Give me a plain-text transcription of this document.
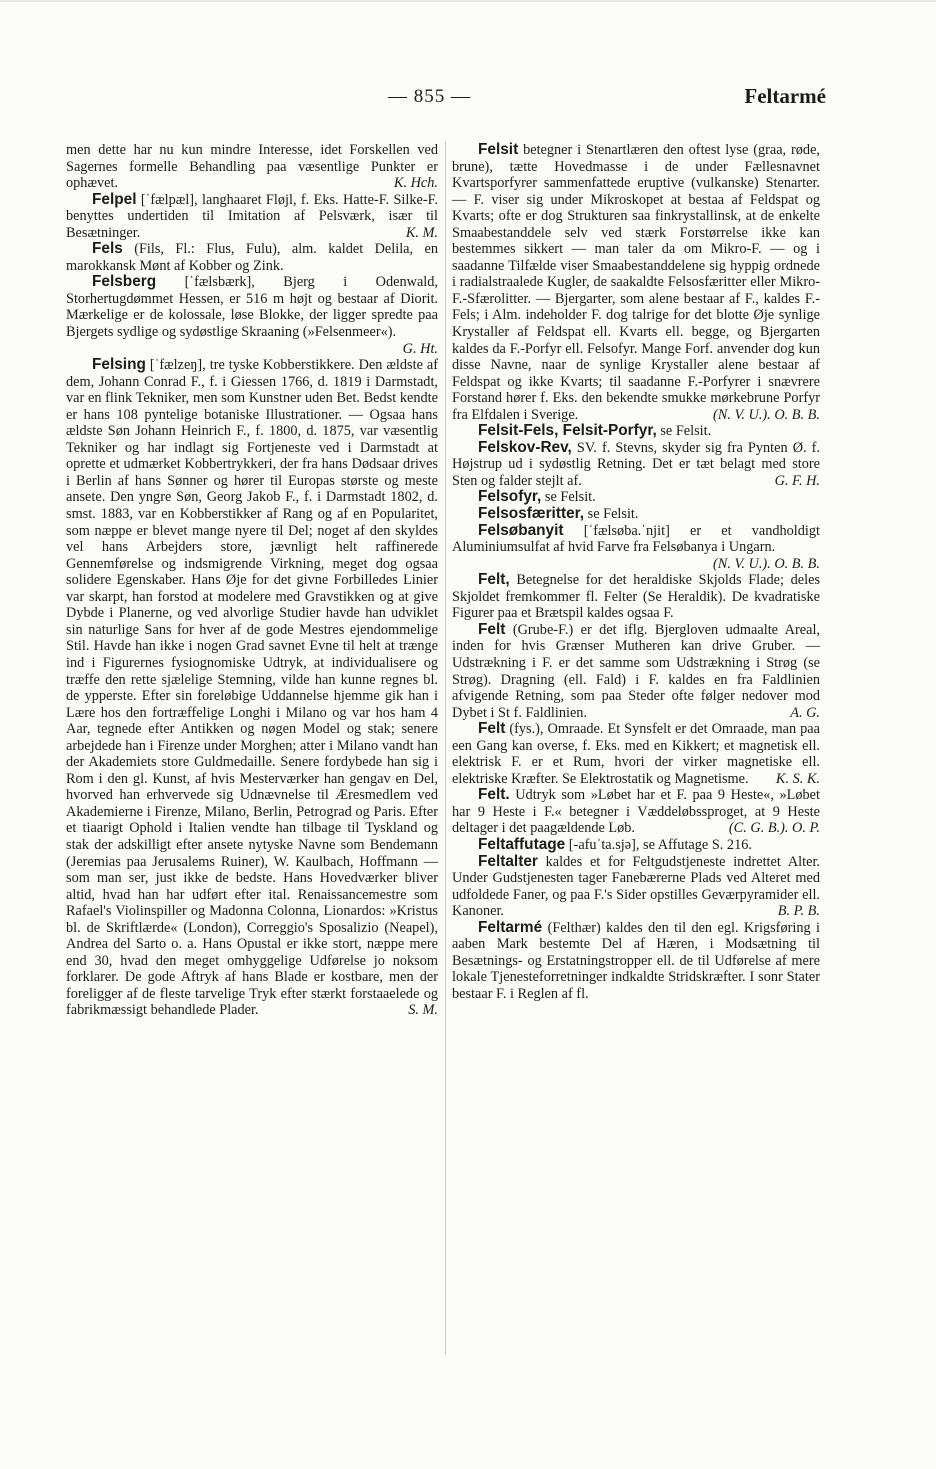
— 855 —	Feltarmé

men dette har nu kun mindre Interesse, idet Forskellen ved Sagernes formelle Behandling paa væsentlige Punkter er ophævet.	K. Hch.

Felpel [ˈfælpæl], langhaaret Fløjl, f. Eks. Hatte-F. Silke-F. benyttes undertiden til Imitation af Pelsværk, især til Besætninger.	K. M.

Fels (Fils, Fl.: Flus, Fulu), alm. kaldet Delila, en marokkansk Mønt af Kobber og Zink.

Felsberg [ˈfælsbærk], Bjerg i Odenwald, Storhertugdømmet Hessen, er 516 m højt og bestaar af Diorit. Mærkelige er de kolossale, løse Blokke, der ligger spredte paa Bjergets sydlige og sydøstlige Skraaning (»Felsenmeer«).
G. Ht.

Felsing [ˈfælzeŋ], tre tyske Kobberstikkere. Den ældste af dem, Johann Conrad F., f. i Giessen 1766, d. 1819 i Darmstadt, var en flink Tekniker, men som Kunstner uden Bet. Bedst kendte er hans 108 pyntelige botaniske Illustrationer. — Ogsaa hans ældste Søn Johann Heinrich F., f. 1800, d. 1875, var væsentlig Tekniker og har indlagt sig Fortjeneste ved i Darmstadt at oprette et udmærket Kobbertrykkeri, der fra hans Dødsaar drives i Berlin af hans Sønner og hører til Europas største og meste ansete. Den yngre Søn, Georg Jakob F., f. i Darmstadt 1802, d. smst. 1883, var en Kobberstikker af Rang og af en Popularitet, som næppe er blevet mange nyere til Del; noget af den skyldes vel hans Arbejders store, jævnligt helt raffinerede Gennemførelse og indsmigrende Virkning, meget dog ogsaa solidere Egenskaber. Hans Øje for det givne Forbilledes Linier var skarpt, han forstod at modelere med Gravstikken og at give Dybde i Planerne, og ved alvorlige Studier havde han udviklet sin naturlige Sans for hver af de gode Mestres ejendommelige Stil. Havde han ikke i nogen Grad savnet Evne til helt at trænge ind i Figurernes fysiognomiske Udtryk, at individualisere og træffe den rette sjælelige Stemning, vilde han kunne regnes bl. de ypperste. Efter sin foreløbige Uddannelse hjemme gik han i Lære hos den fortræffelige Longhi i Milano og var hos ham 4 Aar, tegnede efter Antikken og nøgen Model og stak; senere arbejdede han i Firenze under Morghen; atter i Milano vandt han der Akademiets store Guldmedaille. Senere fordybede han sig i Rom i den gl. Kunst, af hvis Mesterværker han gengav en Del, hvorved han erhvervede sig Udnævnelse til Æresmedlem ved Akademierne i Firenze, Milano, Berlin, Petrograd og Paris. Efter et tiaarigt Ophold i Italien vendte han tilbage til Tyskland og stak der adskilligt efter ansete nytyske Navne som Bendemann (Jeremias paa Jerusalems Ruiner), W. Kaulbach, Hoffmann — som man ser, just ikke de bedste. Hans Hovedværker bliver altid, hvad han har udført efter ital. Renaissancemestre som Rafael's Violinspiller og Madonna Colonna, Lionardos: »Kristus bl. de Skriftlærde« (London), Correggio's Sposalizio (Neapel), Andrea del Sarto o. a. Hans Opustal er ikke stort, næppe mere end 30, hvad den meget omhyggelige Udførelse jo noksom forklarer. De gode Aftryk af hans Blade er kostbare, men der foreligger af de fleste tarvelige Tryk efter stærkt forstaaelede og fabrikmæssigt behandlede Plader.	S. M.

Felsit betegner i Stenartlæren den oftest lyse (graa, røde, brune), tætte Hovedmasse i de under Fællesnavnet Kvartsporfyrer sammenfattede eruptive (vulkanske) Stenarter. — F. viser sig under Mikroskopet at bestaa af Feldspat og Kvarts; ofte er dog Strukturen saa finkrystallinsk, at de enkelte Smaabestanddele selv ved stærk Forstørrelse ikke kan bestemmes sikkert — man taler da om Mikro-F. — og i saadanne Tilfælde viser Smaabestanddelene sig hyppig ordnede i radialstraalede Kugler, de saakaldte Felsosfæritter eller Mikro-F.-Sfærolitter. — Bjergarter, som alene bestaar af F., kaldes F.-Fels; i Alm. indeholder F. dog talrige for det blotte Øje synlige Krystaller af Feldspat ell. Kvarts ell. begge, og Bjergarten kaldes da F.-Porfyr ell. Felsofyr. Mange Forf. anvender dog kun disse Navne, naar de synlige Krystaller alene bestaar af Feldspat og ikke Kvarts; til saadanne F.-Porfyrer i snævrere Forstand hører f. Eks. den bekendte smukke mørkebrune Porfyr fra Elfdalen i Sverige.	(N. V. U.). O. B. B.

Felsit-Fels, Felsit-Porfyr, se Felsit.

Felskov-Rev, SV. f. Stevns, skyder sig fra Pynten Ø. f. Højstrup ud i sydøstlig Retning. Det er tæt belagt med store Sten og falder stejlt af.	G. F. H.

Felsofyr, se Felsit.

Felsosfæritter, se Felsit.

Felsøbanyit [ˈfælsøba.ˈnjit] er et vandholdigt Aluminiumsulfat af hvid Farve fra Felsøbanya i Ungarn.
(N. V. U.). O. B. B.

Felt, Betegnelse for det heraldiske Skjolds Flade; deles Skjoldet fremkommer fl. Felter (Se Heraldik). De kvadratiske Figurer paa et Brætspil kaldes ogsaa F.

Felt (Grube-F.) er det iflg. Bjergloven udmaalte Areal, inden for hvis Grænser Mutheren kan drive Gruber. — Udstrækning i F. er det samme som Udstrækning i Strøg (se Strøg). Dragning (ell. Fald) i F. kaldes en fra Faldlinien afvigende Retning, som paa Steder ofte følger nedover mod Dybet i St f. Faldlinien.	A. G.

Felt (fys.), Omraade. Et Synsfelt er det Omraade, man paa een Gang kan overse, f. Eks. med en Kikkert; et magnetisk ell. elektrisk F. er et Rum, hvori der virker magnetiske ell. elektriske Kræfter. Se Elektrostatik og Magnetisme.	K. S. K.

Felt. Udtryk som »Løbet har et F. paa 9 Heste«, »Løbet har 9 Heste i F.« betegner i Væddeløbssproget, at 9 Heste deltager i det paagældende Løb.	(C. G. B.). O. P.

Feltaffutage [-afuˈta.sjə], se Affutage S. 216.

Feltalter kaldes et for Feltgudstjeneste indrettet Alter. Under Gudstjenesten tager Fanebærerne Plads ved Alteret med udfoldede Faner, og paa F.'s Sider opstilles Geværpyramider ell. Kanoner.	B. P. B.

Feltarmé (Felthær) kaldes den til den egl. Krigsføring i aaben Mark bestemte Del af Hæren, i Modsætning til Besætnings- og Erstatningstropper ell. de til Udførelse af mere lokale Tjenesteforretninger indkaldte Stridskræfter. I sonr Stater bestaar F. i Reglen af fl.
